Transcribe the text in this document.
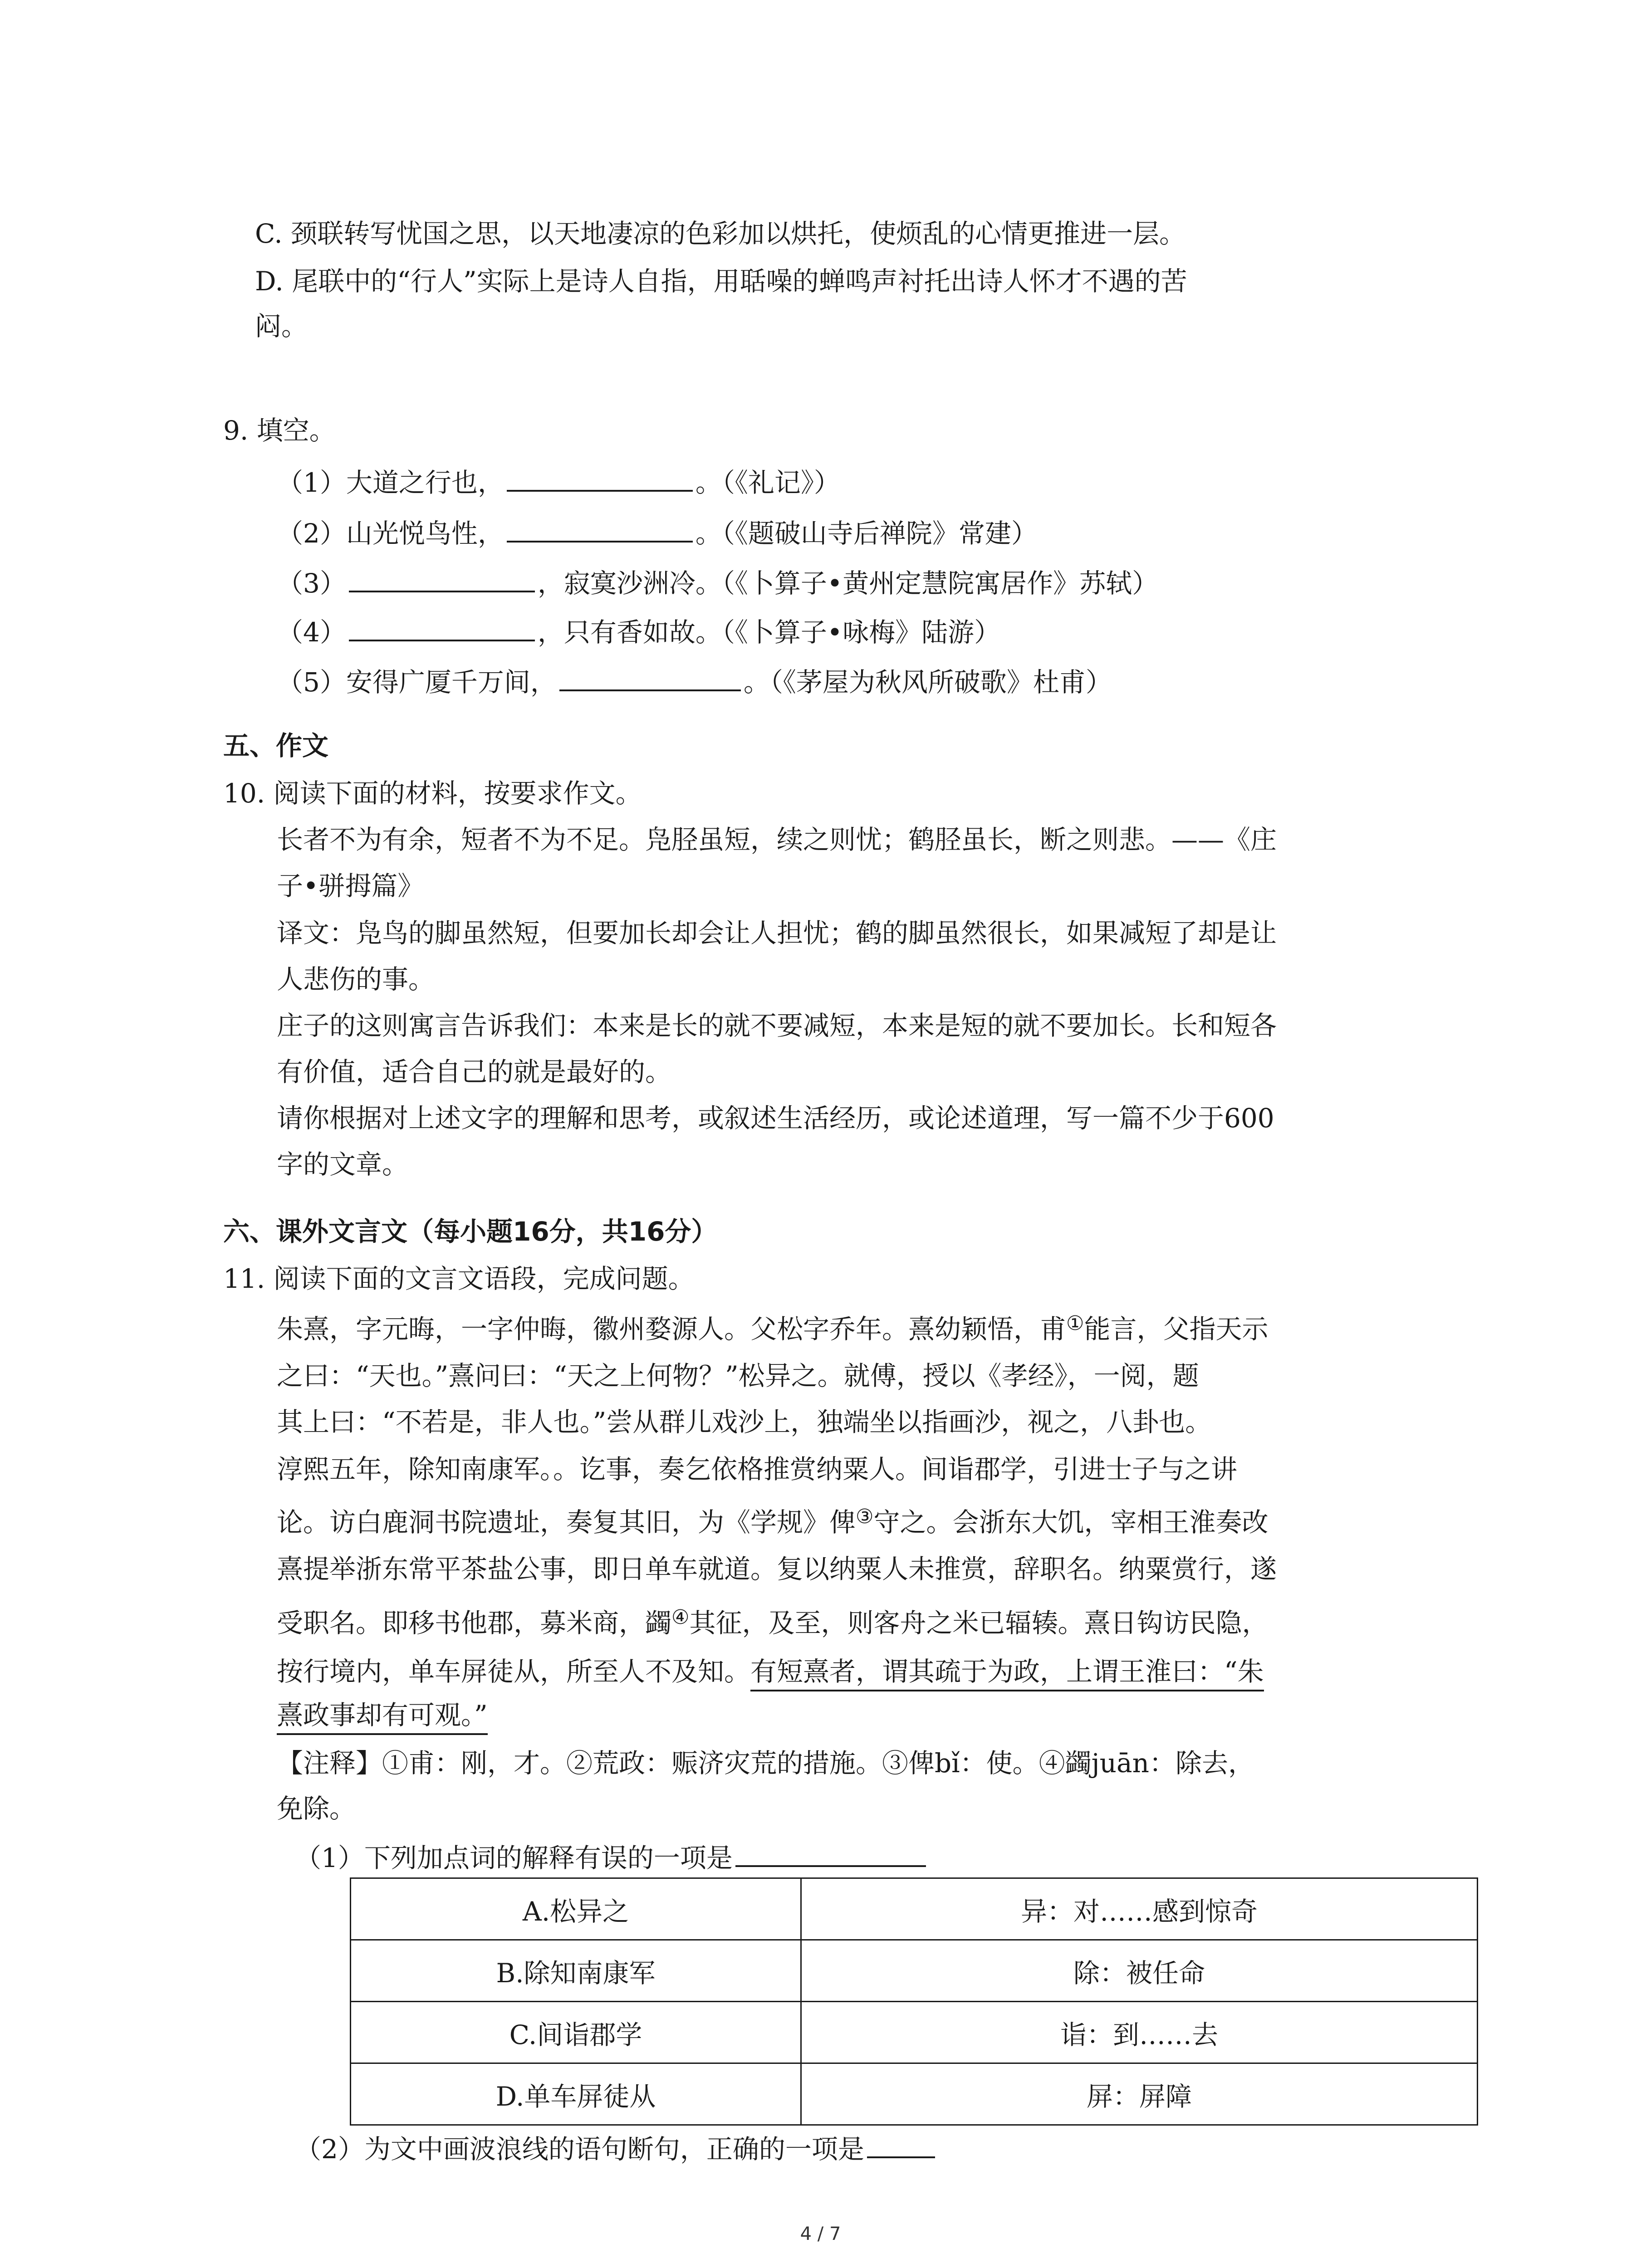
C. 颈联转写忧国之思，以天地凄凉的色彩加以烘托，使烦乱的心情更推进一层。
D. 尾联中的“行人”实际上是诗人自指，用聒噪的蝉鸣声衬托出诗人怀才不遇的苦
闷。
9. 填空。
（1）大道之行也，	。（《礼记》）
（2）山光悦鸟性，	。（《题破山寺后禅院》常建）
（3）	，寂寞沙洲冷。（《卜算子•黄州定慧院寓居作》苏轼）
（4）	，只有香如故。（《卜算子•咏梅》陆游）
（5）安得广厦千万间，	。（《茅屋为秋风所破歌》杜甫）
五、作文
10. 阅读下面的材料，按要求作文。
长者不为有余，短者不为不足。凫胫虽短，续之则忧；鹤胫虽长，断之则悲。——《庄
子•骈拇篇》
译文：凫鸟的脚虽然短，但要加长却会让人担忧；鹤的脚虽然很长，如果减短了却是让
人悲伤的事。
庄子的这则寓言告诉我们：本来是长的就不要减短，本来是短的就不要加长。长和短各
有价值，适合自己的就是最好的。
请你根据对上述文字的理解和思考，或叙述生活经历，或论述道理，写一篇不少于600
字的文章。
六、课外文言文（每小题16分，共16分）
11. 阅读下面的文言文语段，完成问题。
朱熹，字元晦，一字仲晦，徽州婺源人。父松字乔年。熹幼颖悟，甫①能言，父指天示
之曰：“天也。”熹问曰：“天之上何物？”松异之。就傅，授以《孝经》，一阅，题
其上曰：“不若是，非人也。”尝从群儿戏沙上，独端坐以指画沙，视之，八卦也。
淳熙五年，除知南康军。。讫事，奏乞依格推赏纳粟人。间诣郡学，引进士子与之讲
论。访白鹿洞书院遗址，奏复其旧，为《学规》俾③守之。会浙东大饥，宰相王淮奏改
熹提举浙东常平茶盐公事，即日单车就道。复以纳粟人未推赏，辞职名。纳粟赏行，遂
受职名。即移书他郡，募米商，蠲④其征，及至，则客舟之米已辐辏。熹日钩访民隐，
按行境内，单车屏徒从，所至人不及知。有短熹者，谓其疏于为政，上谓王淮曰：“朱
熹政事却有可观。”
【注释】①甫：刚，才。②荒政：赈济灾荒的措施。③俾bǐ：使。④蠲juān：除去，
免除。
（1）下列加点词的解释有误的一项是
A.松异之	异：对……感到惊奇
B.除知南康军	除：被任命
C.间诣郡学	诣：到……去
D.单车屏徒从	屏：屏障
（2）为文中画波浪线的语句断句，正确的一项是
4 / 7
